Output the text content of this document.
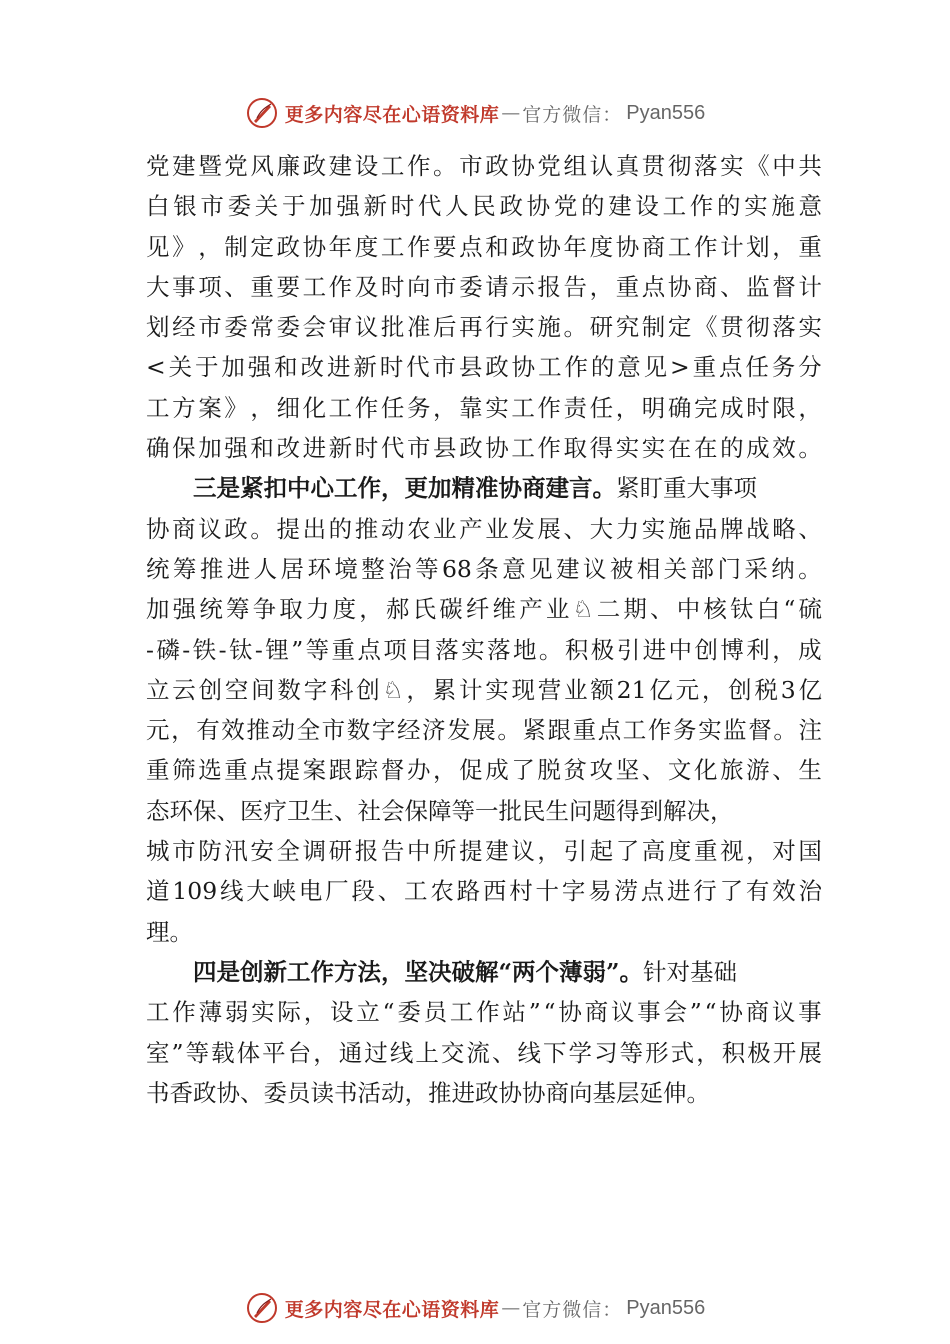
更多内容尽在心语资料库 — 官方微信： Pyan556
党 建 暨 党 风 廉 政 建 设 工 作 。 市 政 协 党 组 认 真 贯 彻 落 实 《 中 共
白 银 市 委 关 于 加 强 新 时 代 人 民 政 协 党 的 建 设 工 作 的 实 施 意
见 》 ， 制 定 政 协 年 度 工 作 要 点 和 政 协 年 度 协 商 工 作 计 划 ， 重
大 事 项 、 重 要 工 作 及 时 向 市 委 请 示 报 告 ， 重 点 协 商 、 监 督 计
划 经 市 委 常 委 会 审 议 批 准 后 再 行 实 施 。 研 究 制 定 《 贯 彻 落 实
< 关 于 加 强 和 改 进 新 时 代 市 县 政 协 工 作 的 意 见 > 重 点 任 务 分
工 方 案 》 ， 细 化 工 作 任 务 ， 靠 实 工 作 责 任 ， 明 确 完 成 时 限 ，
确 保 加 强 和 改 进 新 时 代 市 县 政 协 工 作 取 得 实 实 在 在 的 成 效 。
三是紧扣中心工作，更加精准协商建言。紧盯重大事项
协 商 议 政 。 提 出 的 推 动 农 业 产 业 发 展 、 大 力 实 施 品 牌 战 略 、
统 筹 推 进 人 居 环 境 整 治 等 68 条 意 见 建 议 被 相 关 部 门 采 纳 。
加 强 统 筹 争 取 力 度 ， 郝 氏 碳 纤 维 产 业 ♘ 二 期 、 中 核 钛 白 “ 硫
- 磷 - 铁 - 钛 - 锂 ” 等 重 点 项 目 落 实 落 地 。 积 极 引 进 中 创 博 利 ， 成
立 云 创 空 间 数 字 科 创 ♘ ， 累 计 实 现 营 业 额 21 亿 元 ， 创 税 3 亿
元 ， 有 效 推 动 全 市 数 字 经 济 发 展 。 紧 跟 重 点 工 作 务 实 监 督 。 注
重 筛 选 重 点 提 案 跟 踪 督 办 ， 促 成 了 脱 贫 攻 坚 、 文 化 旅 游 、 生
态环保、医疗卫生、社会保障等一批民生问题得到解决，
城 市 防 汛 安 全 调 研 报 告 中 所 提 建 议 ， 引 起 了 高 度 重 视 ， 对 国
道 109 线 大 峡 电 厂 段 、 工 农 路 西 村 十 字 易 涝 点 进 行 了 有 效 治
理。
四是创新工作方法，坚决破解“两个薄弱”。针对基础
工 作 薄 弱 实 际 ， 设 立 “ 委 员 工 作 站 ” “ 协 商 议 事 会 ” “ 协 商 议 事
室 ” 等 载 体 平 台 ， 通 过 线 上 交 流 、 线 下 学 习 等 形 式 ， 积 极 开 展
书香政协、委员读书活动，推进政协协商向基层延伸。
更多内容尽在心语资料库 — 官方微信： Pyan556
